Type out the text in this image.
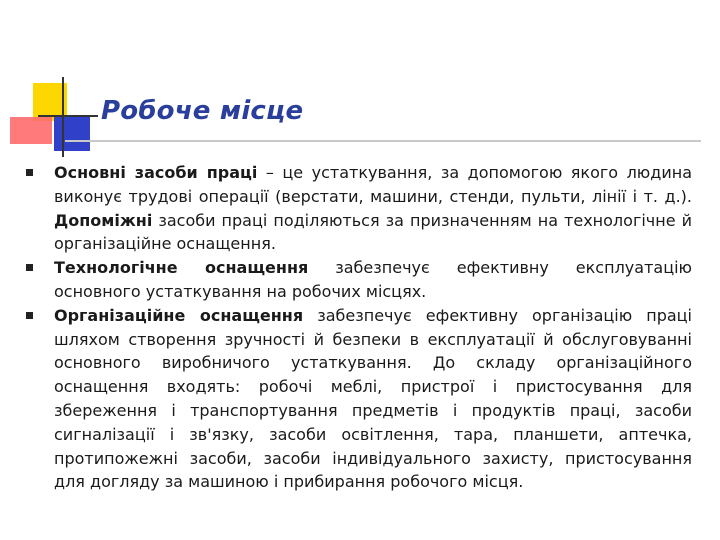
Робоче місце
Основні засоби праці – це устаткування, за допомогою якого людина виконує трудові операції (верстати, машини, стенди, пульти, лінії і т. д.). Допоміжні засоби праці поділяються за призначенням на технологічне й організаційне оснащення.
Технологічне оснащення забезпечує ефективну експлуатацію основного устаткування на робочих місцях.
Організаційне оснащення забезпечує ефективну організацію праці шляхом створення зручності й безпеки в експлуатації й обслуговуванні основного виробничого устаткування. До складу організаційного оснащення входять: робочі меблі, пристрої і пристосування для збереження і транспортування предметів і продуктів праці, засоби сигналізації і зв'язку, засоби освітлення, тара, планшети, аптечка, протипожежні засоби, засоби індивідуального захисту, пристосування для догляду за машиною і прибирання робочого місця.
